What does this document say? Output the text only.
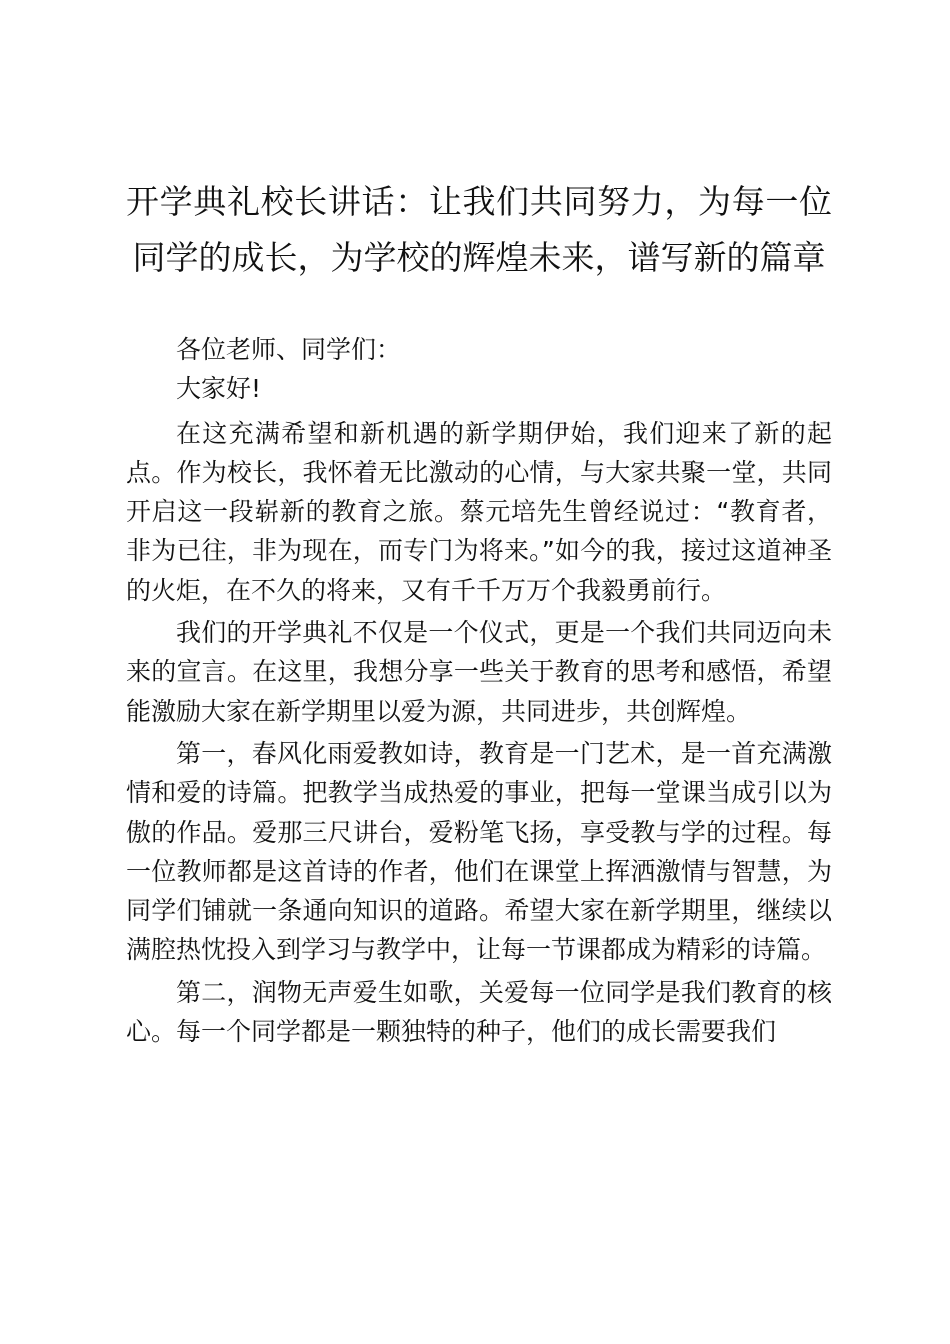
开学典礼校长讲话：让我们共同努力，为每一位同学的成长，为学校的辉煌未来，谱写新的篇章

各位老师、同学们：

大家好!

在这充满希望和新机遇的新学期伊始，我们迎来了新的起点。作为校长，我怀着无比激动的心情，与大家共聚一堂，共同开启这一段崭新的教育之旅。蔡元培先生曾经说过：“教育者，非为已往，非为现在，而专门为将来。”如今的我，接过这道神圣的火炬，在不久的将来，又有千千万万个我毅勇前行。

我们的开学典礼不仅是一个仪式，更是一个我们共同迈向未来的宣言。在这里，我想分享一些关于教育的思考和感悟，希望能激励大家在新学期里以爱为源，共同进步，共创辉煌。

第一，春风化雨爱教如诗，教育是一门艺术，是一首充满激情和爱的诗篇。把教学当成热爱的事业，把每一堂课当成引以为傲的作品。爱那三尺讲台，爱粉笔飞扬，享受教与学的过程。每一位教师都是这首诗的作者，他们在课堂上挥洒激情与智慧，为同学们铺就一条通向知识的道路。希望大家在新学期里，继续以满腔热忱投入到学习与教学中，让每一节课都成为精彩的诗篇。

第二，润物无声爱生如歌，关爱每一位同学是我们教育的核心。每一个同学都是一颗独特的种子，他们的成长需要我们
